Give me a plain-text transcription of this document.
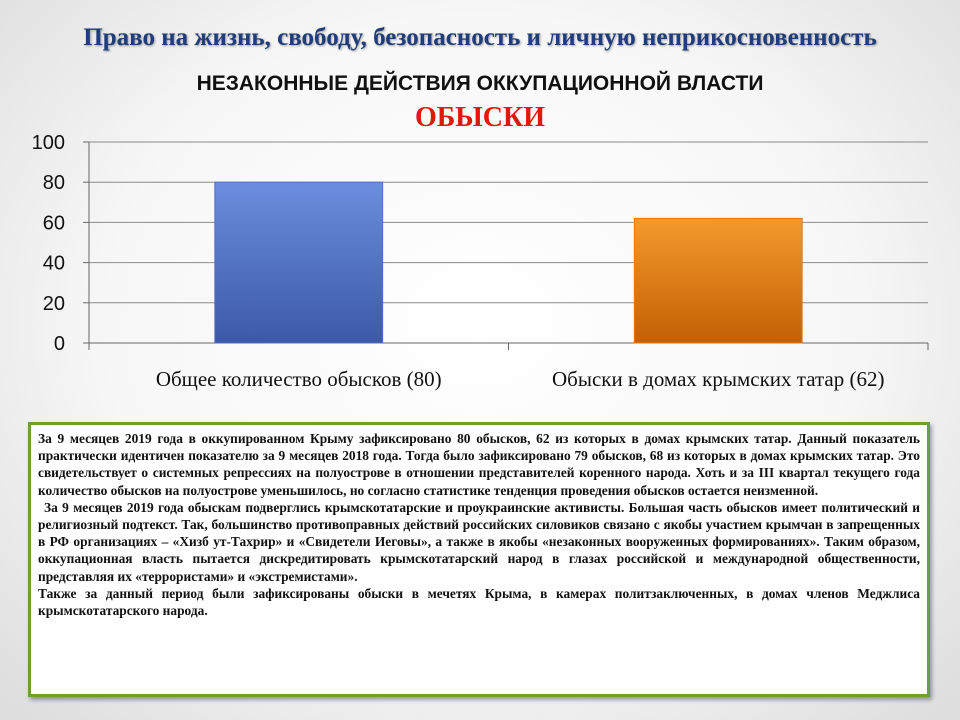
Право на жизнь, свободу, безопасность и личную неприкосновенность
НЕЗАКОННЫЕ ДЕЙСТВИЯ ОККУПАЦИОННОЙ ВЛАСТИ
ОБЫСКИ
0
20
40
60
80
100
Общее количество обысков (80)	Обыски в домах крымских татар (62)

За 9 месяцев 2019 года в оккупированном Крыму зафиксировано 80 обысков, 62 из которых в домах крымских татар. Данный показатель практически идентичен показателю за 9 месяцев 2018 года. Тогда было зафиксировано 79 обысков, 68 из которых в домах крымских татар. Это свидетельствует о системных репрессиях на полуострове в отношении представителей коренного народа. Хоть и за III квартал текущего года количество обысков на полуострове уменьшилось, но согласно статистике тенденция проведения обысков остается неизменной.

За 9 месяцев 2019 года обыскам подверглись крымскотатарские и проукраинские активисты. Большая часть обысков имеет политический и религиозный подтекст. Так, большинство противоправных действий российских силовиков связано с якобы участием крымчан в запрещенных в РФ организациях – «Хизб ут-Тахрир» и «Свидетели Иеговы», а также в якобы «незаконных вооруженных формированиях». Таким образом, оккупационная власть пытается дискредитировать крымскотатарский народ в глазах российской и международной общественности, представляя их «террористами» и «экстремистами».

Также за данный период были зафиксированы обыски в мечетях Крыма, в камерах политзаключенных, в домах членов Меджлиса крымскотатарского народа.
